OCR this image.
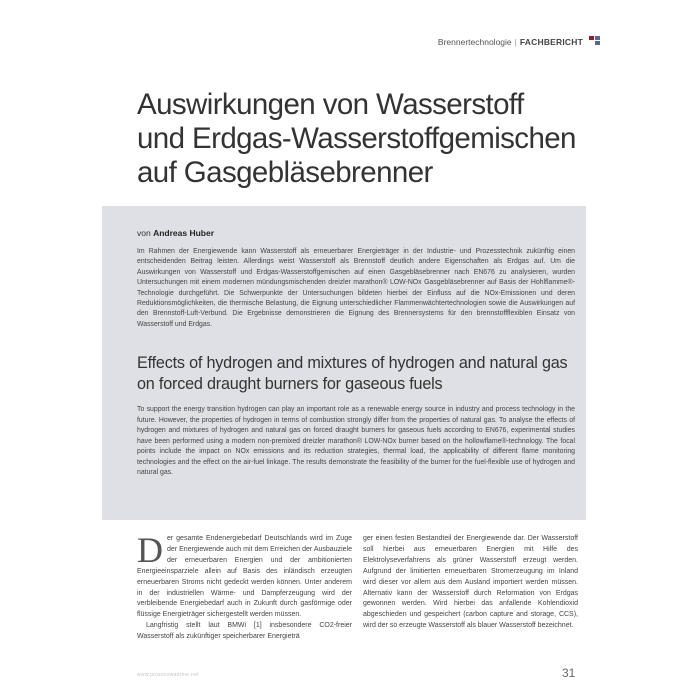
Brennertechnologie | FACHBERICHT
Auswirkungen von Wasserstoff und Erdgas-Wasserstoffgemischen auf Gasgebläsebrenner
von Andreas Huber

Im Rahmen der Energiewende kann Wasserstoff als erneuerbarer Energieträger in der Industrie- und Prozesstechnik zukünftig einen entscheidenden Beitrag leisten. Allerdings weist Wasserstoff als Brennstoff deutlich andere Eigenschaften als Erdgas auf. Um die Auswirkungen von Wasserstoff und Erdgas-Wasserstoffgemischen auf einen Gasgebläsebrenner nach EN676 zu analysieren, wurden Untersuchungen mit einem modernen mündungsmischenden dreizler marathon® LOW-NOx Gasgebläsebrenner auf Basis der Hohlflamme®-Technologie durchgeführt. Die Schwerpunkte der Untersuchungen bildeten hierbei der Einfluss auf die NOx-Emissionen und deren Reduktionsmöglichkeiten, die thermische Belastung, die Eignung unterschiedlicher Flammenwächtertechnologien sowie die Auswirkungen auf den Brennstoff-Luft-Verbund. Die Ergebnisse demonstrieren die Eignung des Brennersystems für den brennstoffflexiblen Einsatz von Wasserstoff und Erdgas.

Effects of hydrogen and mixtures of hydrogen and natural gas on forced draught burners for gaseous fuels

To support the energy transition hydrogen can play an important role as a renewable energy source in industry and process technology in the future. However, the properties of hydrogen in terms of combustion strongly differ from the properties of natural gas. To analyse the effects of hydrogen and mixtures of hydrogen and natural gas on forced draught burners for gaseous fuels according to EN676, experimental studies have been performed using a modern non-premixed dreizler marathon® LOW-NOx burner based on the hollowflame®-technology. The focal points include the impact on NOx emissions and its reduction strategies, thermal load, the applicability of different flame monitoring technologies and the effect on the air-fuel linkage. The results demonstrate the feasibility of the burner for the fuel-flexible use of hydrogen and natural gas.

Der gesamte Endenergiebedarf Deutschlands wird im Zuge der Energiewende auch mit dem Erreichen der Ausbauziele der erneuerbaren Energien und der ambitionierten Energieeinsparziele allein auf Basis des inländisch erzeugten erneuerbaren Stroms nicht gedeckt werden können. Unter anderem in der industriellen Wärme- und Dampferzeugung wird der verbleibende Energiebedarf auch in Zukunft durch gasförmige oder flüssige Energieträger sichergestellt werden müssen.

Langfristig stellt laut BMWi [1] insbesondere CO2-freier Wasserstoff als zukünftiger speicherbarer Energieträ

ger einen festen Bestandteil der Energiewende dar. Der Wasserstoff soll hierbei aus erneuerbaren Energien mit Hilfe des Elektrolyseverfahrens als grüner Wasserstoff erzeugt werden. Aufgrund der limitierten erneuerbaren Stromerzeugung im Inland wird dieser vor allem aus dem Ausland importiert werden müssen. Alternativ kann der Wasserstoff durch Reformation von Erdgas gewonnen werden. Wird hierbei das anfallende Kohlendioxid abgeschieden und gespeichert (carbon capture and storage, CCS), wird der so erzeugte Wasserstoff als blauer Wasserstoff bezeichnet.

www.prozesswaerme.net	31
